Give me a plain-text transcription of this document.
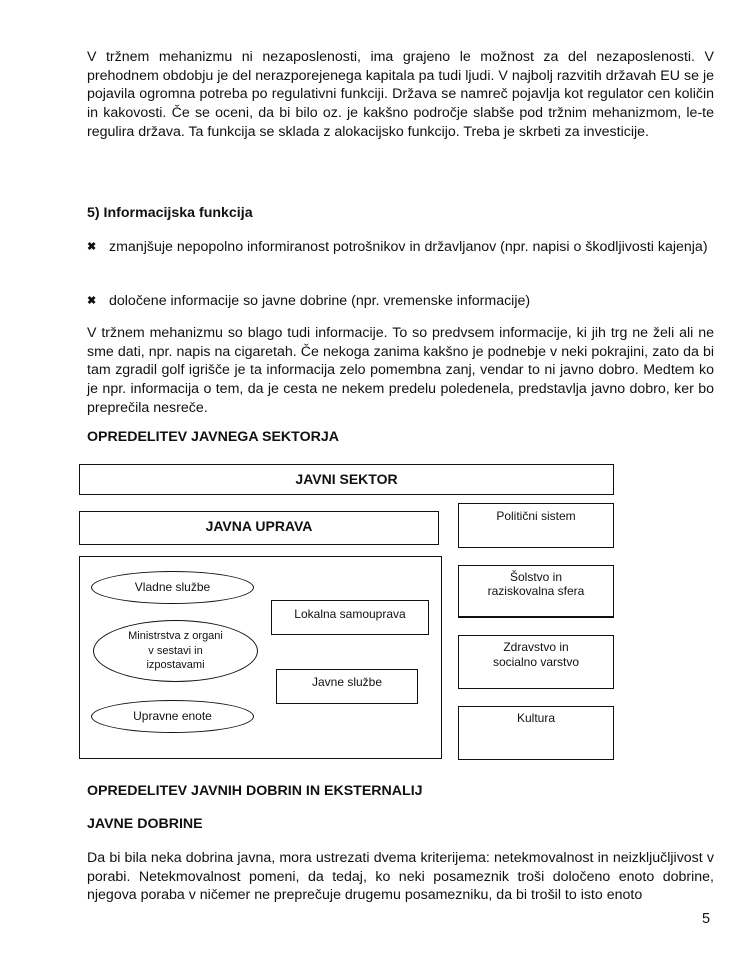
V tržnem mehanizmu ni nezaposlenosti, ima grajeno le možnost za del nezaposlenosti. V prehodnem obdobju je del nerazporejenega kapitala pa tudi ljudi. V najbolj razvitih državah EU se je pojavila ogromna potreba po regulativni funkciji. Država se namreč pojavlja kot regulator cen količin in kakovosti. Če se oceni, da bi bilo oz. je kakšno področje slabše pod tržnim mehanizmom, le-te regulira država. Ta funkcija se sklada z alokacijsko funkcijo. Treba je skrbeti za investicije.

5) Informacijska funkcija
✖ zmanjšuje nepopolno informiranost potrošnikov in državljanov (npr. napisi o škodljivosti kajenja)
✖ določene informacije so javne dobrine (npr. vremenske informacije)

V tržnem mehanizmu so blago tudi informacije. To so predvsem informacije, ki jih trg ne želi ali ne sme dati, npr. napis na cigaretah. Če nekoga zanima kakšno je podnebje v neki pokrajini, zato da bi tam zgradil golf igrišče je ta informacija zelo pomembna zanj, vendar to ni javno dobro. Medtem ko je npr. informacija o tem, da je cesta ne nekem predelu poledenela, predstavlja javno dobro, ker bo preprečila nesreče.

OPREDELITEV JAVNEGA SEKTORJA
JAVNI SEKTOR
JAVNA UPRAVA
Vladne službe
Ministrstva z organi
v sestavi in
izpostavami
Upravne enote
Lokalna samouprava
Javne službe
Politični sistem
Šolstvo in
raziskovalna sfera
Zdravstvo in
socialno varstvo
Kultura
OPREDELITEV JAVNIH DOBRIN IN EKSTERNALIJ
JAVNE DOBRINE

Da bi bila neka dobrina javna, mora ustrezati dvema kriterijema: netekmovalnost in neizključljivost v porabi. Netekmovalnost pomeni, da tedaj, ko neki posameznik troši določeno enoto dobrine, njegova poraba v ničemer ne preprečuje drugemu posamezniku, da bi trošil to isto enoto

5
